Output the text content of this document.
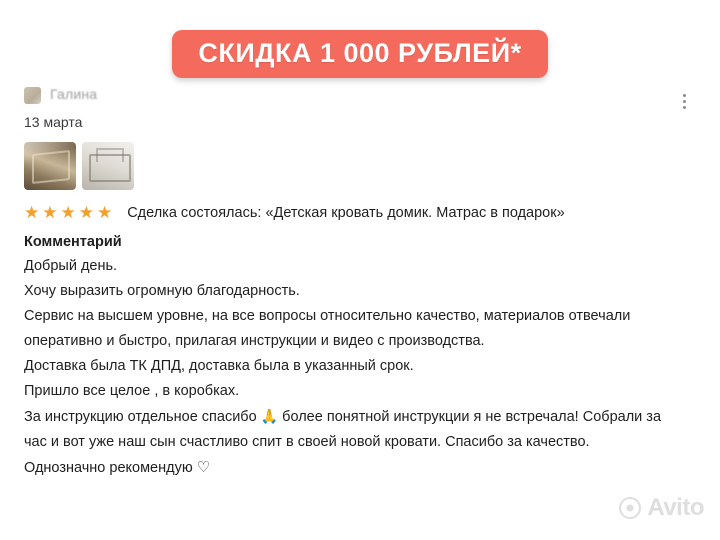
СКИДКА 1 000 РУБЛЕЙ*
Галина
13 марта
★★★★★ Сделка состоялась: «Детская кровать домик. Матрас в подарок»
Комментарий

Добрый день.

Хочу выразить огромную благодарность.

Сервис на высшем уровне, на все вопросы относительно качество, материалов отвечали

оперативно и быстро, прилагая инструкции и видео с производства.

Доставка была ТК ДПД, доставка была в указанный срок.

Пришло все целое , в коробках.

За инструкцию отдельное спасибо 🙏 более понятной инструкции я не встречала! Собрали за

час и вот уже наш сын счастливо спит в своей новой кровати. Спасибо за качество.

Однозначно рекомендую ♡

Avito
